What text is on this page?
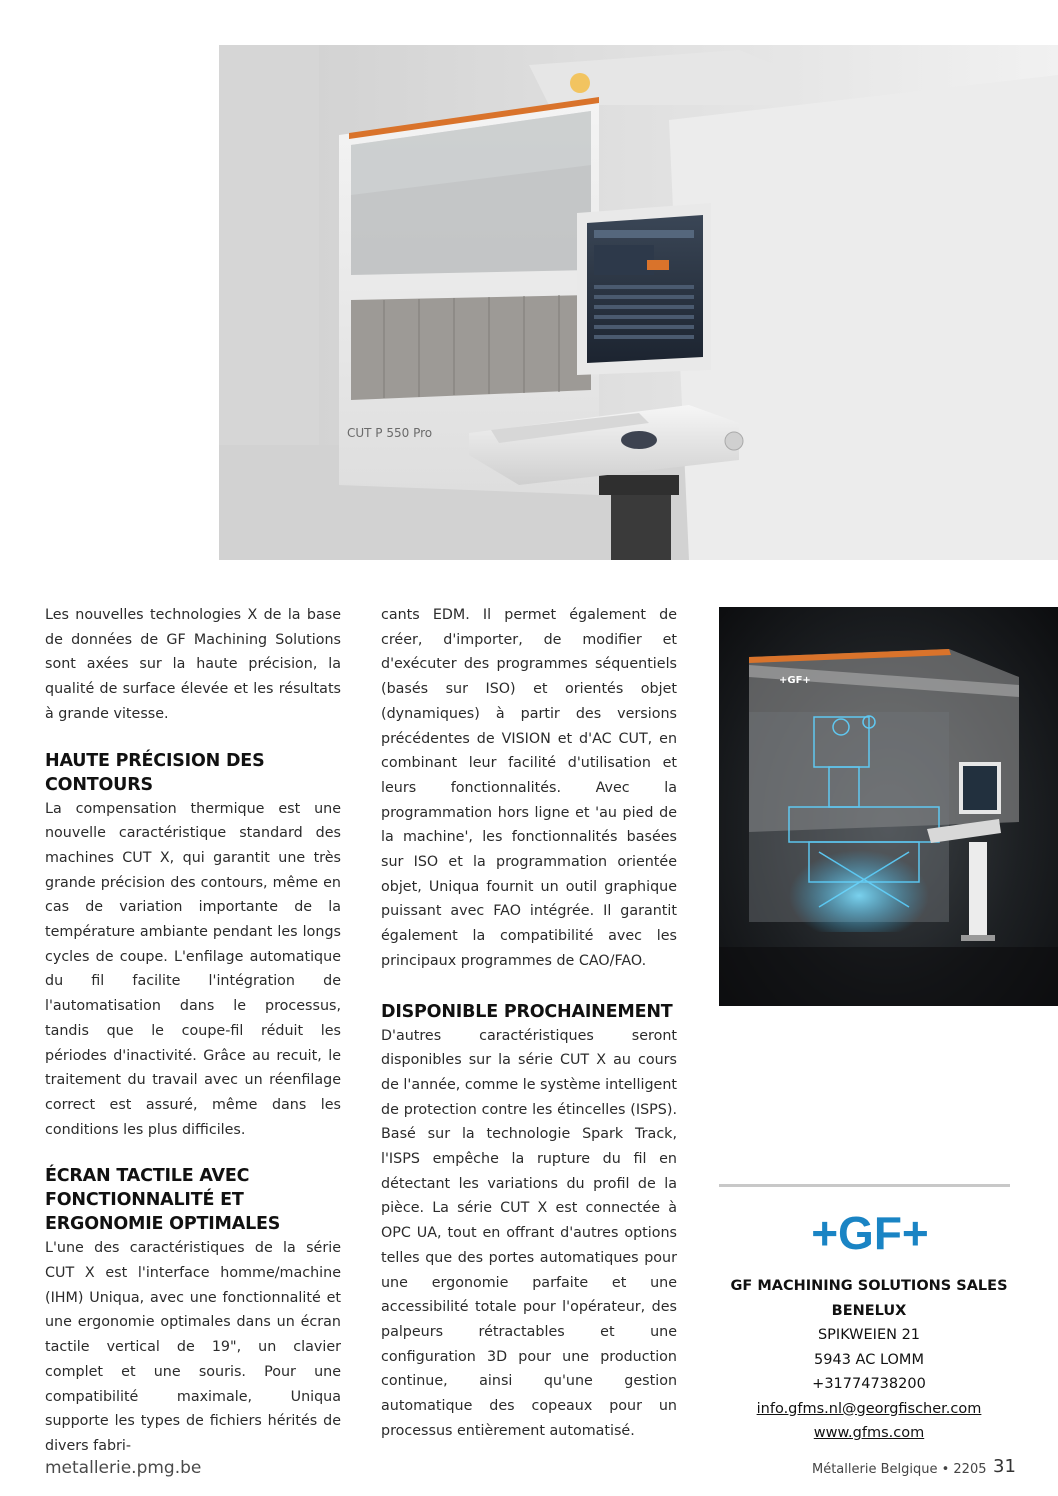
CUT P 550 Pro

Les nouvelles technologies X de la base de données de GF Machining Solutions sont axées sur la haute précision, la qualité de surface élevée et les résultats à grande vitesse.

HAUTE PRÉCISION DES CONTOURS

La compensation thermique est une nouvelle caractéristique standard des machines CUT X, qui garantit une très grande précision des contours, même en cas de variation importante de la température ambiante pendant les longs cycles de coupe. L'enfilage automatique du fil facilite l'intégration de l'automatisation dans le processus, tandis que le coupe-fil réduit les périodes d'inactivité. Grâce au recuit, le traitement du travail avec un réenfilage correct est assuré, même dans les conditions les plus difficiles.

ÉCRAN TACTILE AVEC FONCTIONNALITÉ ET ERGONOMIE OPTIMALES

L'une des caractéristiques de la série CUT X est l'interface homme/machine (IHM) Uniqua, avec une fonctionnalité et une ergonomie optimales dans un écran tactile vertical de 19", un clavier complet et une souris. Pour une compatibilité maximale, Uniqua supporte les types de fichiers hérités de divers fabri-

cants EDM. Il permet également de créer, d'importer, de modifier et d'exécuter des programmes séquentiels (basés sur ISO) et orientés objet (dynamiques) à partir des versions précédentes de VISION et d'AC CUT, en combinant leur facilité d'utilisation et leurs fonctionnalités. Avec la programmation hors ligne et 'au pied de la machine', les fonctionnalités basées sur ISO et la programmation orientée objet, Uniqua fournit un outil graphique puissant avec FAO intégrée. Il garantit également la compatibilité avec les principaux programmes de CAO/FAO.

DISPONIBLE PROCHAINEMENT

D'autres caractéristiques seront disponibles sur la série CUT X au cours de l'année, comme le système intelligent de protection contre les étincelles (ISPS). Basé sur la technologie Spark Track, l'ISPS empêche la rupture du fil en détectant les variations du profil de la pièce. La série CUT X est connectée à OPC UA, tout en offrant d'autres options telles que des portes automatiques pour une ergonomie parfaite et une accessibilité totale pour l'opérateur, des palpeurs rétractables et une configuration 3D pour une production continue, ainsi qu'une gestion automatique des copeaux pour un processus entièrement automatisé.

+GF+
+GF+
GF MACHINING SOLUTIONS SALES
BENELUX
SPIKWEIEN 21
5943 AC LOMM
+31774738200
info.gfms.nl@georgfischer.com
www.gfms.com
metallerie.pmg.be	Métallerie Belgique • 2205 31
